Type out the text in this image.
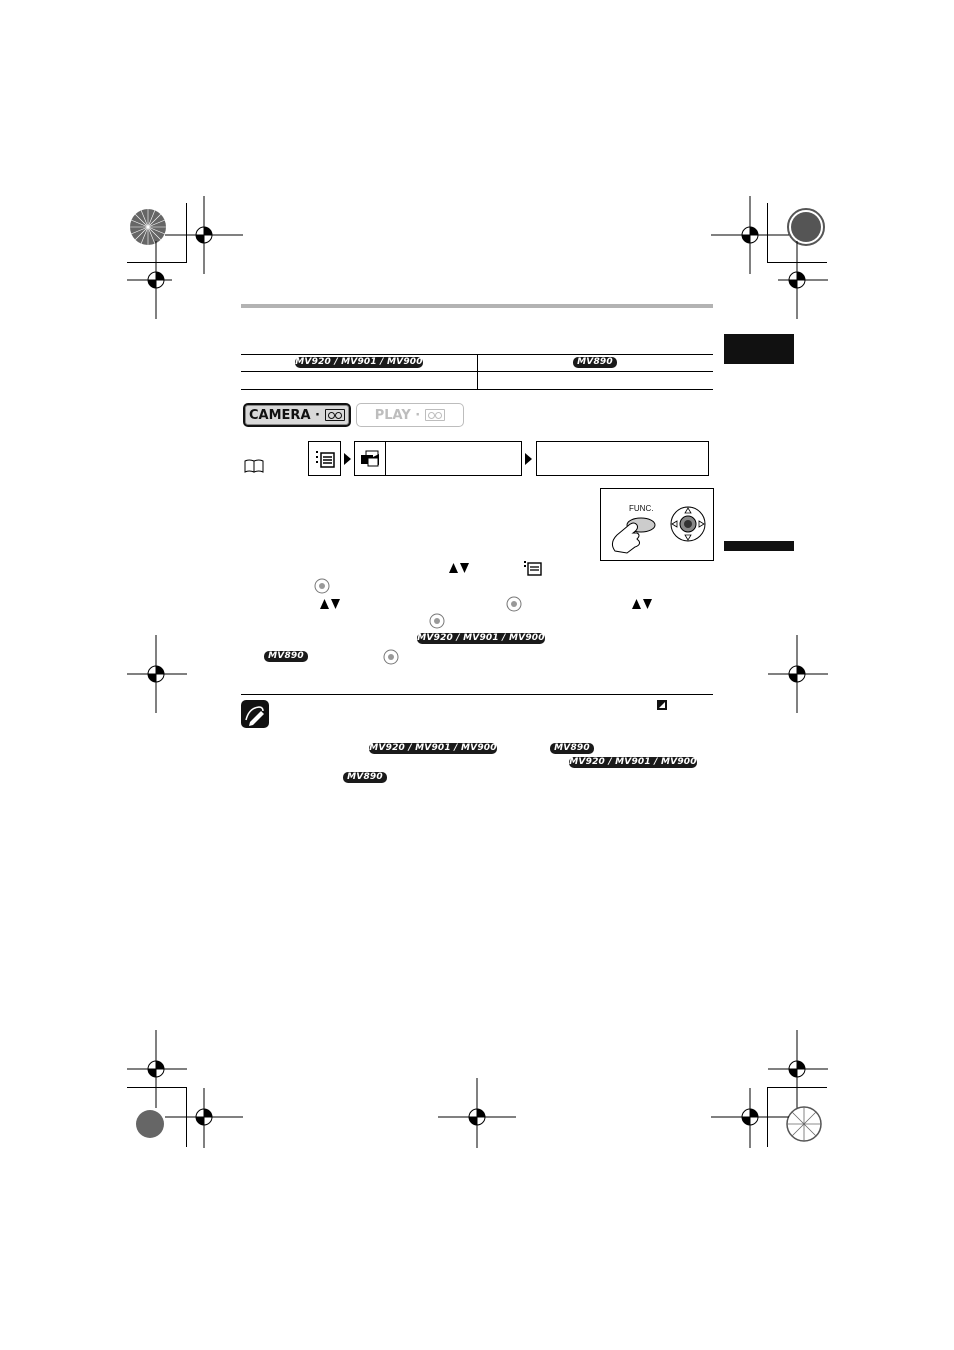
MV920 / MV901 / MV900	MV890
CAMERA ·	PLAY ·
FUNC.
MV920 / MV901 / MV900
MV890
MV920 / MV901 / MV900	MV890
MV920 / MV901 / MV900
MV890
